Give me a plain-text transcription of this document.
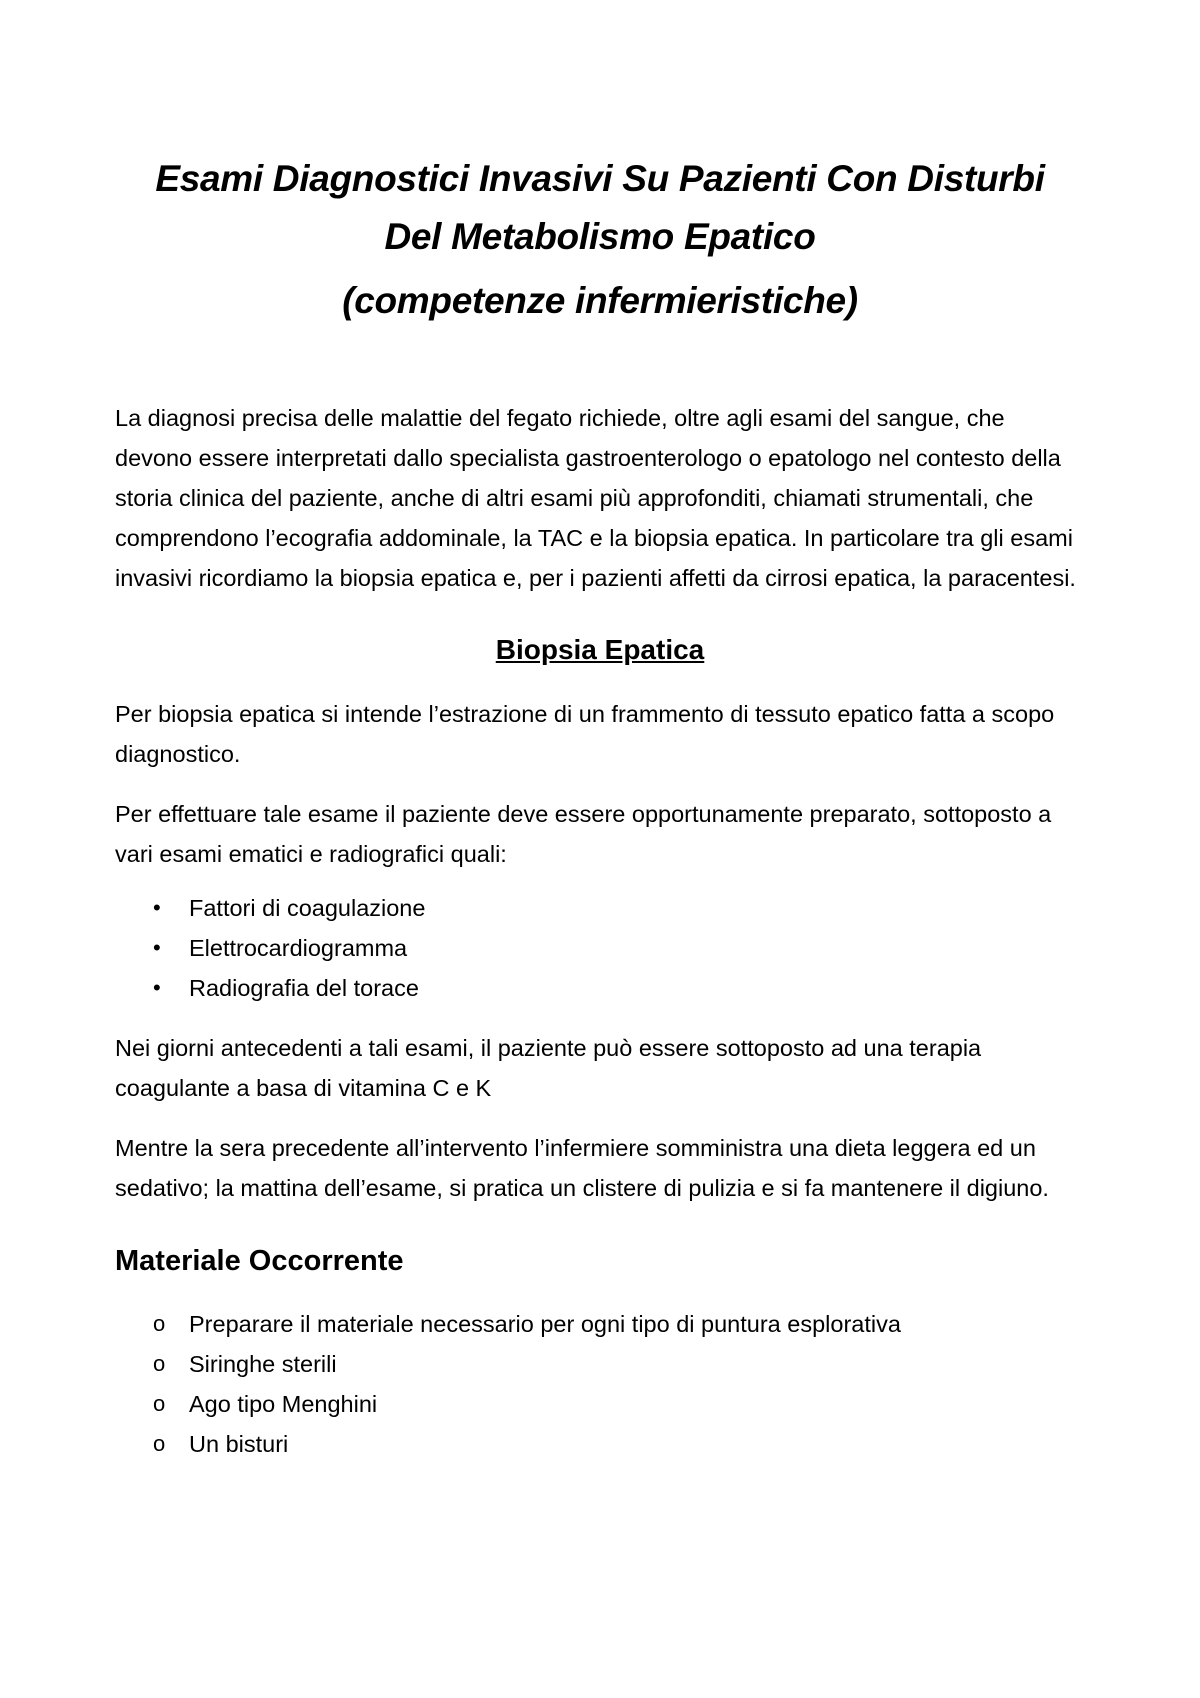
Esami Diagnostici Invasivi Su Pazienti Con Disturbi
Del Metabolismo Epatico

(competenze infermieristiche)

La diagnosi precisa delle malattie del fegato richiede, oltre agli esami del sangue, che devono essere interpretati dallo specialista gastroenterologo o epatologo nel contesto della storia clinica del paziente, anche di altri esami più approfonditi, chiamati strumentali, che comprendono l’ecografia addominale, la TAC e la biopsia epatica. In particolare tra gli esami invasivi ricordiamo la biopsia epatica e, per i pazienti affetti da cirrosi epatica, la paracentesi.

Biopsia Epatica

Per biopsia epatica si intende l’estrazione di un frammento di tessuto epatico fatta a scopo diagnostico.

Per effettuare tale esame il paziente deve essere opportunamente preparato, sottoposto a vari esami ematici e radiografici quali:

• Fattori di coagulazione
• Elettrocardiogramma
• Radiografia del torace

Nei giorni antecedenti a tali esami, il paziente può essere sottoposto ad una terapia coagulante a basa di vitamina C e K

Mentre la sera precedente all’intervento l’infermiere somministra una dieta leggera ed un sedativo; la mattina dell’esame, si pratica un clistere di pulizia e si fa mantenere il digiuno.

Materiale Occorrente
o Preparare il materiale necessario per ogni tipo di puntura esplorativa
o Siringhe sterili
o Ago tipo Menghini
o Un bisturi
